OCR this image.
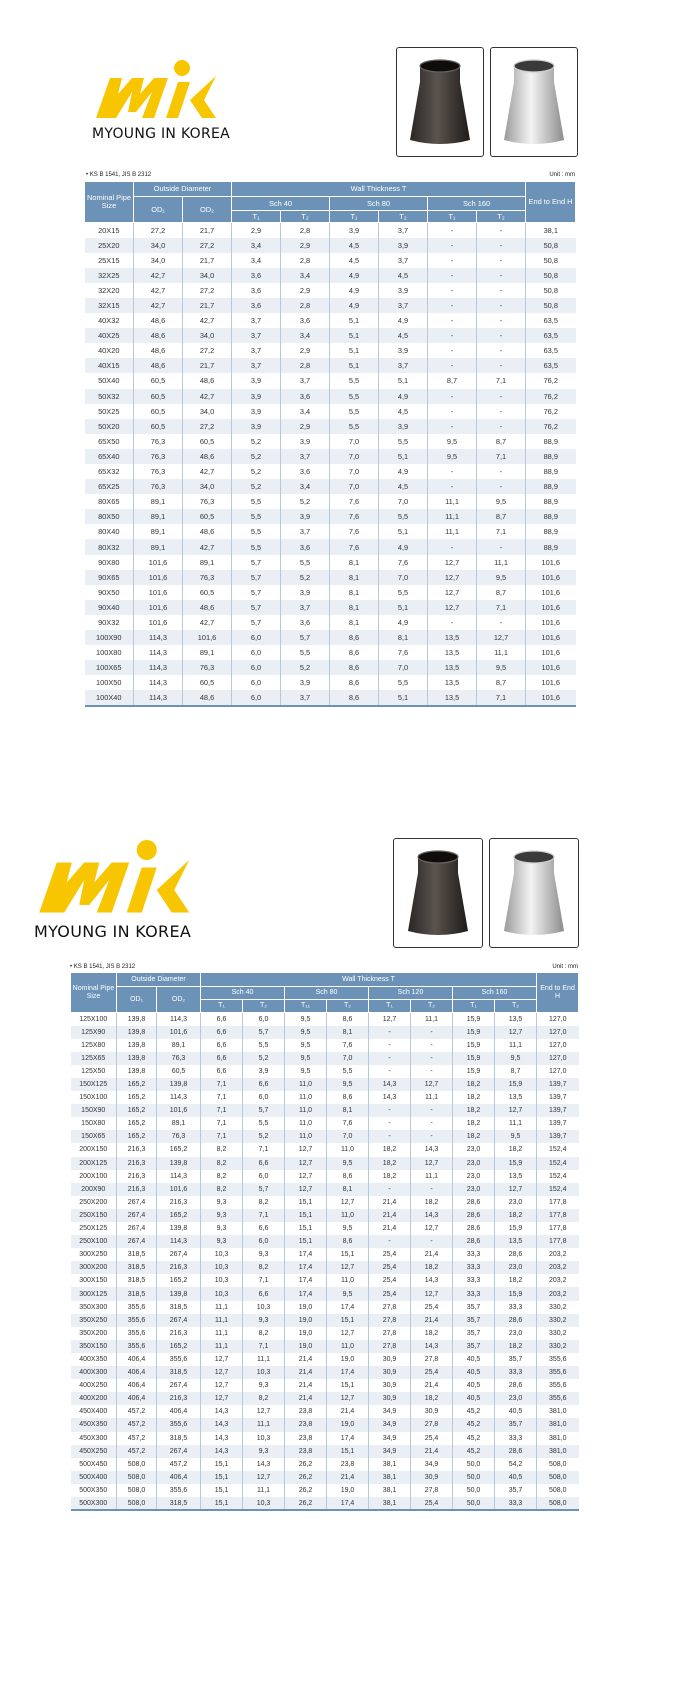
MYOUNG IN KOREA
• KS B 1541, JIS B 2312	Unit : mm
Nominal Pipe Size	Outside Diameter		Wall Thickness T						End to End H
	OD₁	OD₂	Sch 40		Sch 80		Sch 160		
			T₁	T₂	T₁	T₂	T₁	T₂	
20X15	27,2	21,7	2,9	2,8	3,9	3,7	-	-	38,1
25X20	34,0	27,2	3,4	2,9	4,5	3,9	-	-	50,8
25X15	34,0	21,7	3,4	2,8	4,5	3,7	-	-	50,8
32X25	42,7	34,0	3,6	3,4	4,9	4,5	-	-	50,8
32X20	42,7	27,2	3,6	2,9	4,9	3,9	-	-	50,8
32X15	42,7	21,7	3,6	2,8	4,9	3,7	-	-	50,8
40X32	48,6	42,7	3,7	3,6	5,1	4,9	-	-	63,5
40X25	48,6	34,0	3,7	3,4	5,1	4,5	-	-	63,5
40X20	48,6	27,2	3,7	2,9	5,1	3,9	-	-	63,5
40X15	48,6	21,7	3,7	2,8	5,1	3,7	-	-	63,5
50X40	60,5	48,6	3,9	3,7	5,5	5,1	8,7	7,1	76,2
50X32	60,5	42,7	3,9	3,6	5,5	4,9	-	-	76,2
50X25	60,5	34,0	3,9	3,4	5,5	4,5	-	-	76,2
50X20	60,5	27,2	3,9	2,9	5,5	3,9	-	-	76,2
65X50	76,3	60,5	5,2	3,9	7,0	5,5	9,5	8,7	88,9
65X40	76,3	48,6	5,2	3,7	7,0	5,1	9,5	7,1	88,9
65X32	76,3	42,7	5,2	3,6	7,0	4,9	-	-	88,9
65X25	76,3	34,0	5,2	3,4	7,0	4,5	-	-	88,9
80X65	89,1	76,3	5,5	5,2	7,6	7,0	11,1	9,5	88,9
80X50	89,1	60,5	5,5	3,9	7,6	5,5	11,1	8,7	88,9
80X40	89,1	48,6	5,5	3,7	7,6	5,1	11,1	7,1	88,9
80X32	89,1	42,7	5,5	3,6	7,6	4,9	-	-	88,9
90X80	101,6	89,1	5,7	5,5	8,1	7,6	12,7	11,1	101,6
90X65	101,6	76,3	5,7	5,2	8,1	7,0	12,7	9,5	101,6
90X50	101,6	60,5	5,7	3,9	8,1	5,5	12,7	8,7	101,6
90X40	101,6	48,6	5,7	3,7	8,1	5,1	12,7	7,1	101,6
90X32	101,6	42,7	5,7	3,6	8,1	4,9	-	-	101,6
100X90	114,3	101,6	6,0	5,7	8,6	8,1	13,5	12,7	101,6
100X80	114,3	89,1	6,0	5,5	8,6	7,6	13,5	11,1	101,6
100X65	114,3	76,3	6,0	5,2	8,6	7,0	13,5	9,5	101,6
100X50	114,3	60,5	6,0	3,9	8,6	5,5	13,5	8,7	101,6
100X40	114,3	48,6	6,0	3,7	8,6	5,1	13,5	7,1	101,6
MYOUNG IN KOREA
• KS B 1541, JIS B 2312	Unit : mm
Nominal Pipe Size	Outside Diameter		Wall Thickness T								End to End H
	OD₁	OD₂	Sch 40		Sch 80		Sch 120		Sch 160		
			T₁	T₂	T₁₁	T₂	T₁	T₂	T₁	T₂	
125X100	139,8	114,3	6,6	6,0	9,5	8,6	12,7	11,1	15,9	13,5	127,0
125X90	139,8	101,6	6,6	5,7	9,5	8,1	-	-	15,9	12,7	127,0
125X80	139,8	89,1	6,6	5,5	9,5	7,6	-	-	15,9	11,1	127,0
125X65	139,8	76,3	6,6	5,2	9,5	7,0	-	-	15,9	9,5	127,0
125X50	139,8	60,5	6,6	3,9	9,5	5,5	-	-	15,9	8,7	127,0
150X125	165,2	139,8	7,1	6,6	11,0	9,5	14,3	12,7	18,2	15,9	139,7
150X100	165,2	114,3	7,1	6,0	11,0	8,6	14,3	11,1	18,2	13,5	139,7
150X90	165,2	101,6	7,1	5,7	11,0	8,1	-	-	18,2	12,7	139,7
150X80	165,2	89,1	7,1	5,5	11,0	7,6	-	-	18,2	11,1	139,7
150X65	165,2	76,3	7,1	5,2	11,0	7,0	-	-	18,2	9,5	139,7
200X150	216,3	165,2	8,2	7,1	12,7	11,0	18,2	14,3	23,0	18,2	152,4
200X125	216,3	139,8	8,2	6,6	12,7	9,5	18,2	12,7	23,0	15,9	152,4
200X100	216,3	114,3	8,2	6,0	12,7	8,6	18,2	11,1	23,0	13,5	152,4
200X90	216,3	101,6	8,2	5,7	12,7	8,1	-	-	23,0	12,7	152,4
250X200	267,4	216,3	9,3	8,2	15,1	12,7	21,4	18,2	28,6	23,0	177,8
250X150	267,4	165,2	9,3	7,1	15,1	11,0	21,4	14,3	28,6	18,2	177,8
250X125	267,4	139,8	9,3	6,6	15,1	9,5	21,4	12,7	28,6	15,9	177,8
250X100	267,4	114,3	9,3	6,0	15,1	8,6	-	-	28,6	13,5	177,8
300X250	318,5	267,4	10,3	9,3	17,4	15,1	25,4	21,4	33,3	28,6	203,2
300X200	318,5	216,3	10,3	8,2	17,4	12,7	25,4	18,2	33,3	23,0	203,2
300X150	318,5	165,2	10,3	7,1	17,4	11,0	25,4	14,3	33,3	18,2	203,2
300X125	318,5	139,8	10,3	6,6	17,4	9,5	25,4	12,7	33,3	15,9	203,2
350X300	355,6	318,5	11,1	10,3	19,0	17,4	27,8	25,4	35,7	33,3	330,2
350X250	355,6	267,4	11,1	9,3	19,0	15,1	27,8	21,4	35,7	28,6	330,2
350X200	355,6	216,3	11,1	8,2	19,0	12,7	27,8	18,2	35,7	23,0	330,2
350X150	355,6	165,2	11,1	7,1	19,0	11,0	27,8	14,3	35,7	18,2	330,2
400X350	406,4	355,6	12,7	11,1	21,4	19,0	30,9	27,8	40,5	35,7	355,6
400X300	406,4	318,5	12,7	10,3	21,4	17,4	30,9	25,4	40,5	33,3	355,6
400X250	406,4	267,4	12,7	9,3	21,4	15,1	30,9	21,4	40,5	28,6	355,6
400X200	406,4	216,3	12,7	8,2	21,4	12,7	30,9	18,2	40,5	23,0	355,6
450X400	457,2	406,4	14,3	12,7	23,8	21,4	34,9	30,9	45,2	40,5	381,0
450X350	457,2	355,6	14,3	11,1	23,8	19,0	34,9	27,8	45,2	35,7	381,0
450X300	457,2	318,5	14,3	10,3	23,8	17,4	34,9	25,4	45,2	33,3	381,0
450X250	457,2	267,4	14,3	9,3	23,8	15,1	34,9	21,4	45,2	28,6	381,0
500X450	508,0	457,2	15,1	14,3	26,2	23,8	38,1	34,9	50,0	54,2	508,0
500X400	508,0	406,4	15,1	12,7	26,2	21,4	38,1	30,9	50,0	40,5	508,0
500X350	508,0	355,6	15,1	11,1	26,2	19,0	38,1	27,8	50,0	35,7	508,0
500X300	508,0	318,5	15,1	10,3	26,2	17,4	38,1	25,4	50,0	33,3	508,0
